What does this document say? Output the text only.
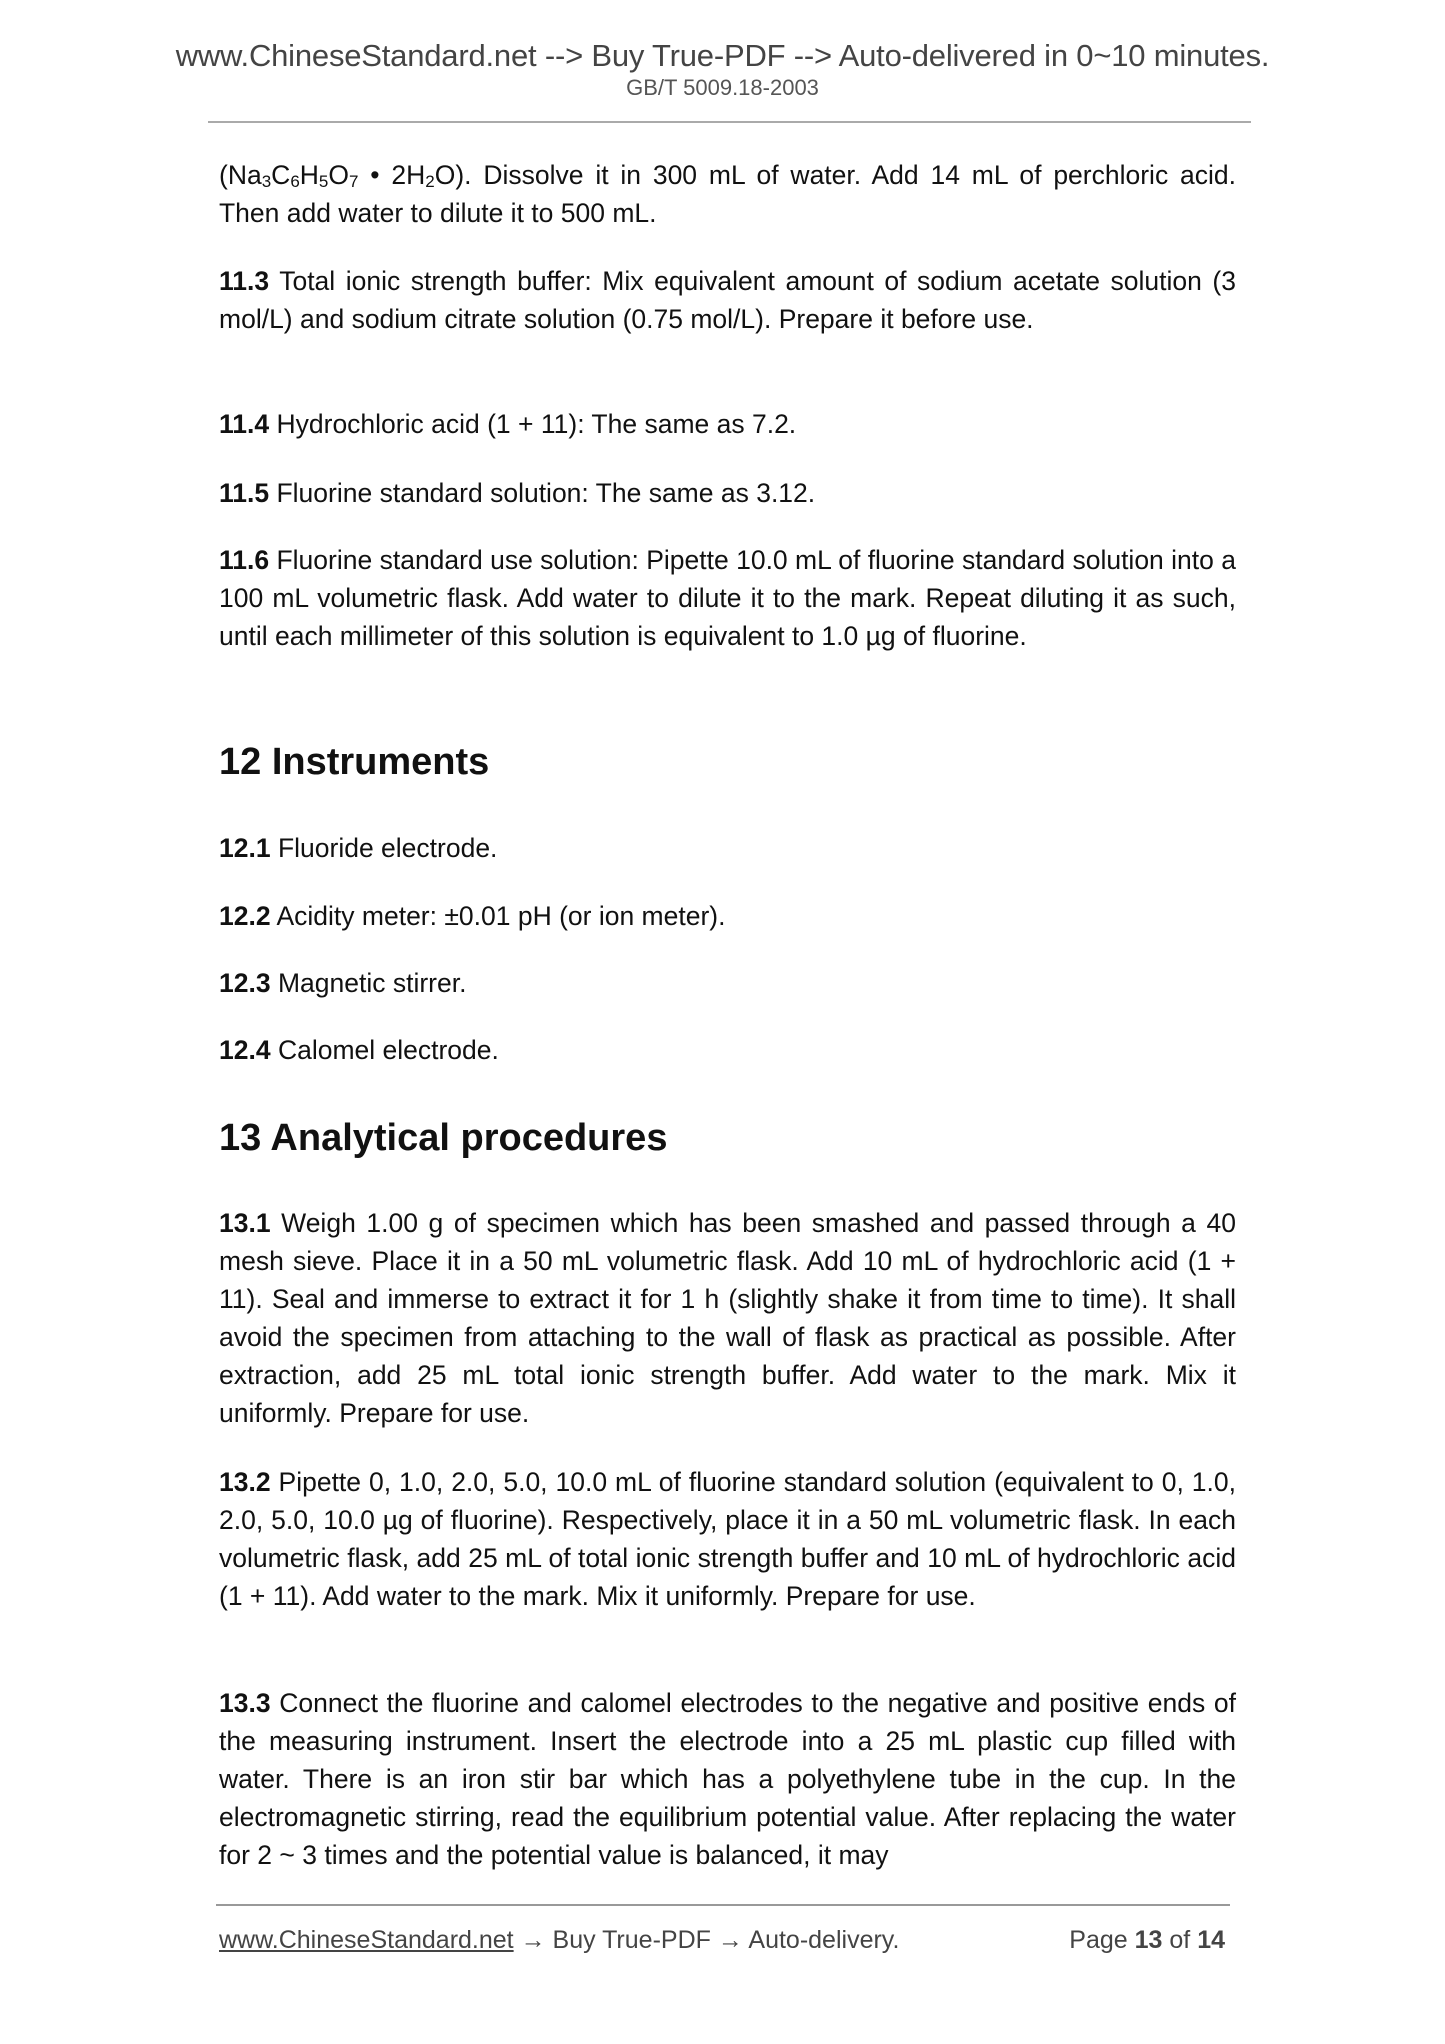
www.ChineseStandard.net --> Buy True-PDF --> Auto-delivered in 0~10 minutes.
GB/T 5009.18-2003
($Na_3C_6H_5O_7$ • $2H_2O$). Dissolve it in 300 mL of water. Add 14 mL of perchloric acid. Then add water to dilute it to 500 mL.
11.3 Total ionic strength buffer: Mix equivalent amount of sodium acetate solution (3 mol/L) and sodium citrate solution (0.75 mol/L). Prepare it before use.
11.4 Hydrochloric acid (1 + 11): The same as 7.2.
11.5 Fluorine standard solution: The same as 3.12.
11.6 Fluorine standard use solution: Pipette 10.0 mL of fluorine standard solution into a 100 mL volumetric flask. Add water to dilute it to the mark. Repeat diluting it as such, until each millimeter of this solution is equivalent to 1.0 µg of fluorine.
12 Instruments
12.1 Fluoride electrode.
12.2 Acidity meter: ±0.01 pH (or ion meter).
12.3 Magnetic stirrer.
12.4 Calomel electrode.
13 Analytical procedures
13.1 Weigh 1.00 g of specimen which has been smashed and passed through a 40 mesh sieve. Place it in a 50 mL volumetric flask. Add 10 mL of hydrochloric acid (1 + 11). Seal and immerse to extract it for 1 h (slightly shake it from time to time). It shall avoid the specimen from attaching to the wall of flask as practical as possible. After extraction, add 25 mL total ionic strength buffer. Add water to the mark. Mix it uniformly. Prepare for use.
13.2 Pipette 0, 1.0, 2.0, 5.0, 10.0 mL of fluorine standard solution (equivalent to 0, 1.0, 2.0, 5.0, 10.0 µg of fluorine). Respectively, place it in a 50 mL volumetric flask. In each volumetric flask, add 25 mL of total ionic strength buffer and 10 mL of hydrochloric acid (1 + 11). Add water to the mark. Mix it uniformly. Prepare for use.
13.3 Connect the fluorine and calomel electrodes to the negative and positive ends of the measuring instrument. Insert the electrode into a 25 mL plastic cup filled with water. There is an iron stir bar which has a polyethylene tube in the cup. In the electromagnetic stirring, read the equilibrium potential value. After replacing the water for 2 ~ 3 times and the potential value is balanced, it may
www.ChineseStandard.net → Buy True-PDF → Auto-delivery.	Page 13 of 14
